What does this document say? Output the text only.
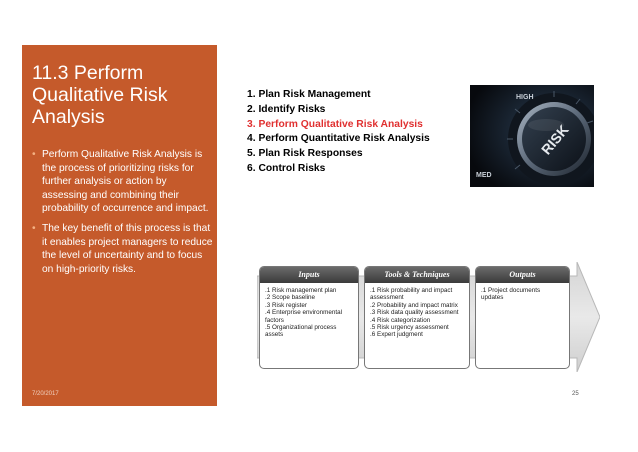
11.3 Perform Qualitative Risk Analysis
• Perform Qualitative Risk Analysis is the process of prioritizing risks for further analysis or action by assessing and combining their probability of occurrence and impact.
• The key benefit of this process is that it enables project managers to reduce the level of uncertainty and to focus on high-priority risks.
7/20/2017
1. Plan Risk Management
2. Identify Risks
3. Perform Qualitative Risk Analysis
4. Perform Quantitative Risk Analysis
5. Plan Risk Responses
6. Control Risks
RISK
HIGH
MED
Inputs
.1 Risk management plan
.2 Scope baseline
.3 Risk register
.4 Enterprise environmental factors
.5 Organizational process assets
Tools & Techniques
.1 Risk probability and impact assessment
.2 Probability and impact matrix
.3 Risk data quality assessment
.4 Risk categorization
.5 Risk urgency assessment
.6 Expert judgment
Outputs
.1 Project documents updates
25
